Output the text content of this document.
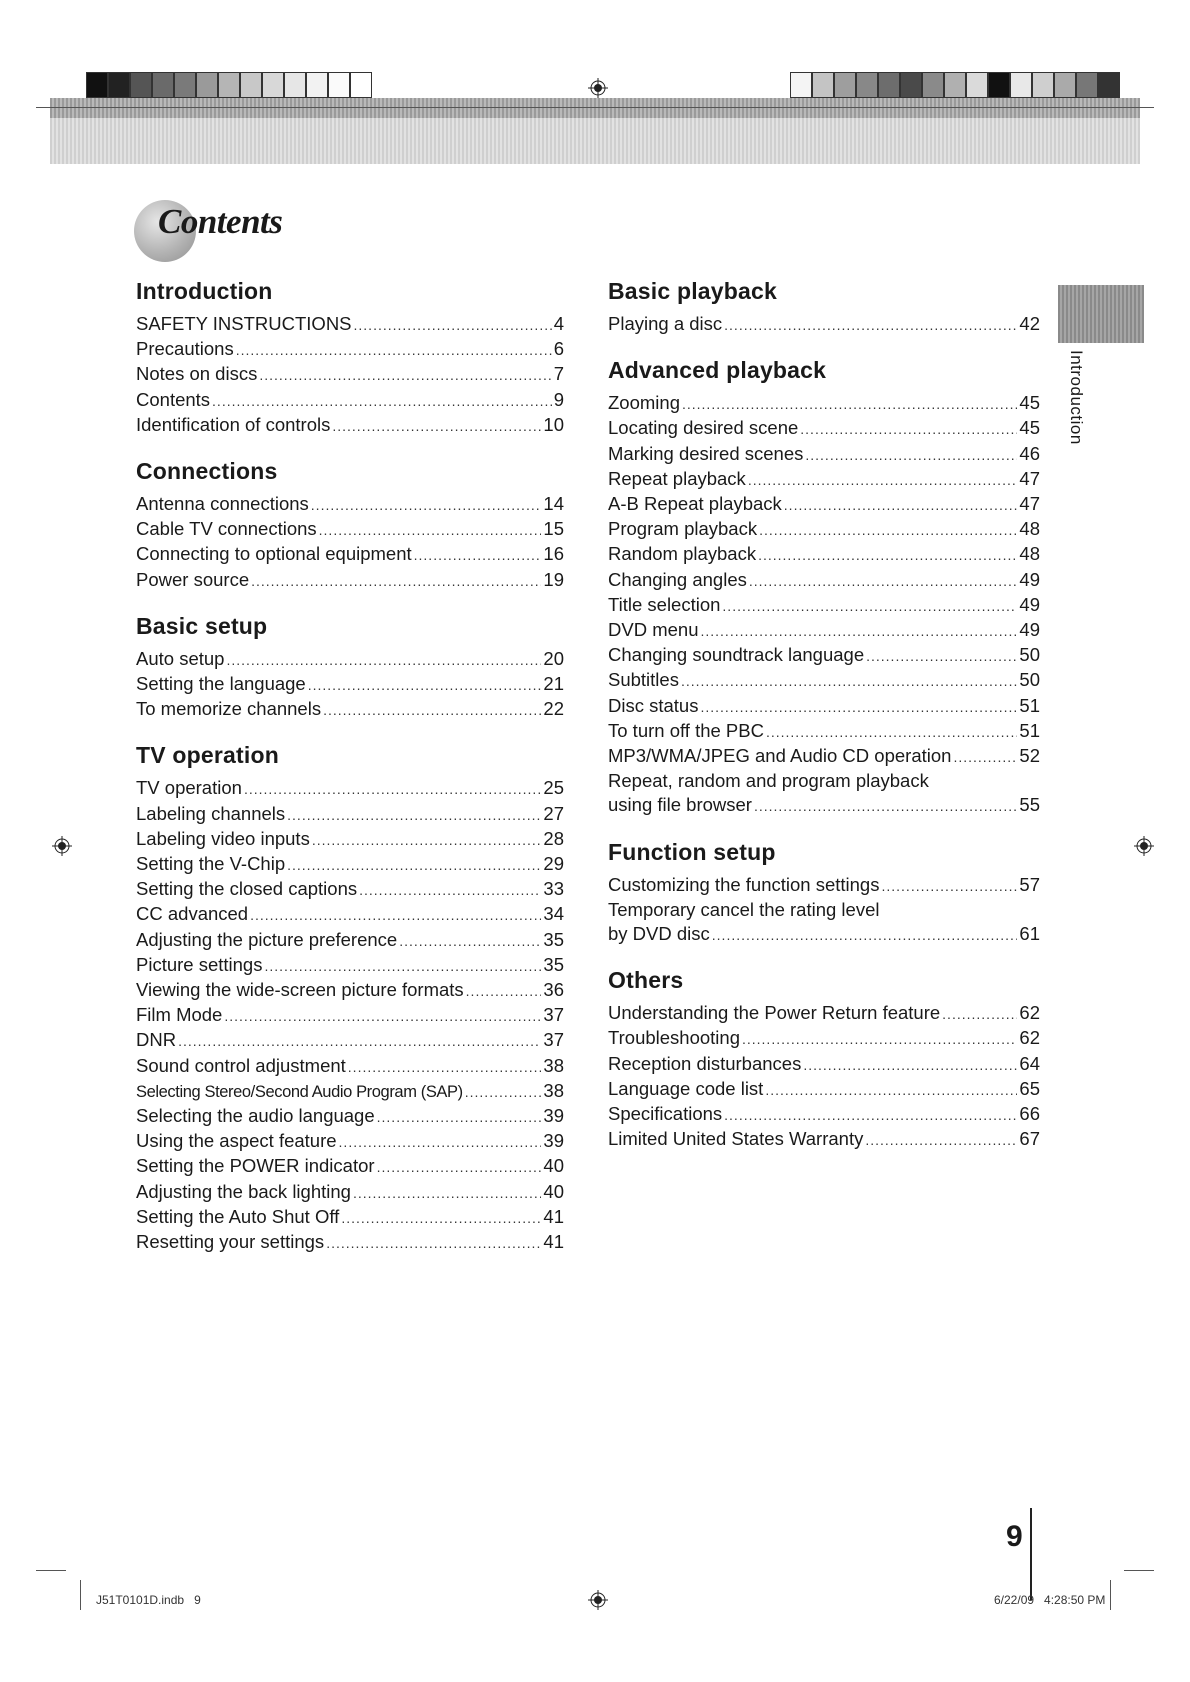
Contents
Introduction
SAFETY INSTRUCTIONS .....	4
Precautions .....	6
Notes on discs .....	7
Contents .....	9
Identification of controls .....	10
Connections
Antenna connections .....	14
Cable TV connections .....	15
Connecting to optional equipment .....	16
Power source .....	19
Basic setup
Auto setup .....	20
Setting the language .....	21
To memorize channels .....	22
TV operation
TV operation .....	25
Labeling channels .....	27
Labeling video inputs .....	28
Setting the V-Chip .....	29
Setting the closed captions .....	33
CC advanced .....	34
Adjusting the picture preference .....	35
Picture settings .....	35
Viewing the wide-screen picture formats .....	36
Film Mode .....	37
DNR .....	37
Sound control adjustment .....	38
Selecting Stereo/Second Audio Program (SAP) .....	38
Selecting the audio language .....	39
Using the aspect feature .....	39
Setting the POWER indicator .....	40
Adjusting the back lighting .....	40
Setting the Auto Shut Off .....	41
Resetting your settings .....	41
Basic playback
Playing a disc .....	42
Advanced playback
Zooming .....	45
Locating desired scene .....	45
Marking desired scenes .....	46
Repeat playback .....	47
A-B Repeat playback .....	47
Program playback .....	48
Random playback .....	48
Changing angles .....	49
Title selection .....	49
DVD menu .....	49
Changing soundtrack language .....	50
Subtitles .....	50
Disc status .....	51
To turn off the PBC .....	51
MP3/WMA/JPEG and Audio CD operation .....	52
Repeat, random and program playback
using file browser .....	55
Function setup
Customizing the function settings .....	57
Temporary cancel the rating level
by DVD disc .....	61
Others
Understanding the Power Return feature .....	62
Troubleshooting .....	62
Reception disturbances .....	64
Language code list .....	65
Specifications .....	66
Limited United States Warranty .....	67
Introduction
9
J51T0101D.indb   9	6/22/09   4:28:50 PM
